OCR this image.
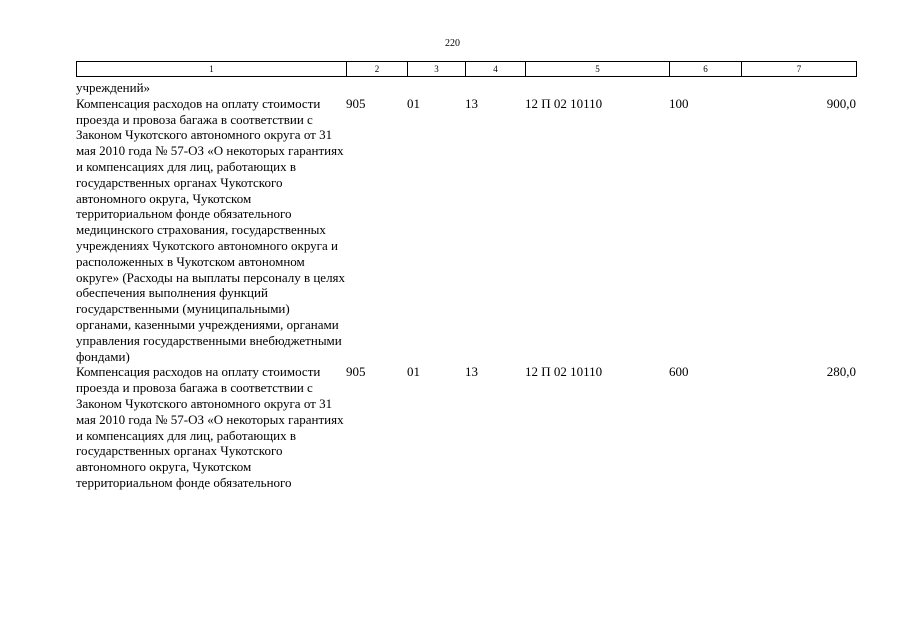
220
1	2	3	4	5	6	7
учреждений»						
Компенсация расходов на оплату стоимости проезда и провоза багажа в соответствии с Законом Чукотского автономного округа от 31 мая 2010 года № 57-ОЗ «О некоторых гарантиях и компенсациях для лиц, работающих в государственных органах Чукотского автономного округа, Чукотском территориальном фонде обязательного медицинского страхования, государственных учреждениях Чукотского автономного округа и расположенных в Чукотском автономном округе» (Расходы на выплаты персоналу в целях обеспечения выполнения функций государственными (муниципальными) органами, казенными учреждениями, органами управления государственными внебюджетными фондами)	905	01	13	12 П 02 10110	100	900,0
Компенсация расходов на оплату стоимости проезда и провоза багажа в соответствии с Законом Чукотского автономного округа от 31 мая 2010 года № 57-ОЗ «О некоторых гарантиях и компенсациях для лиц, работающих в государственных органах Чукотского автономного округа, Чукотском территориальном фонде обязательного	905	01	13	12 П 02 10110	600	280,0
